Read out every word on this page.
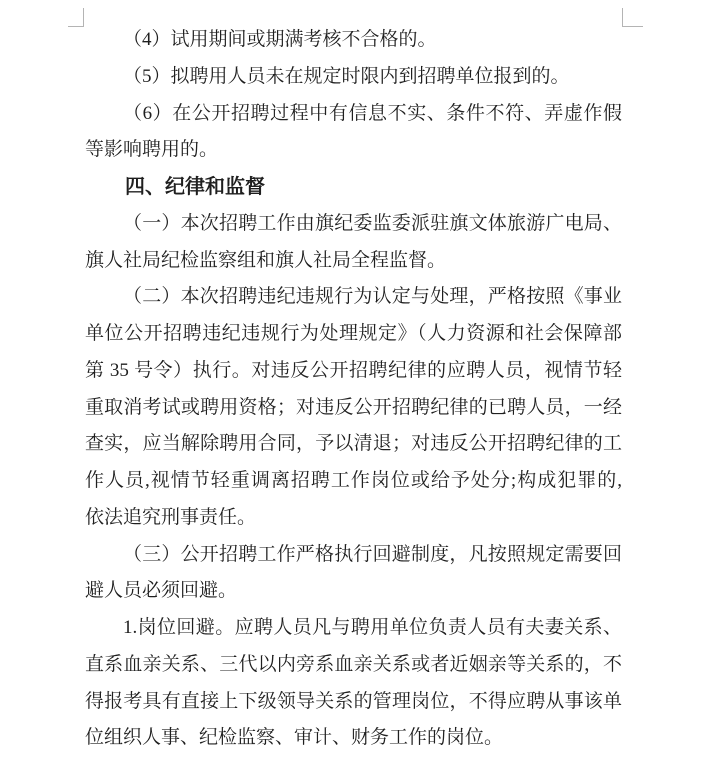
（4）试用期间或期满考核不合格的。
（5）拟聘用人员未在规定时限内到招聘单位报到的。
（6）在公开招聘过程中有信息不实、条件不符、弄虚作假
等影响聘用的。
四、纪律和监督
（一）本次招聘工作由旗纪委监委派驻旗文体旅游广电局、
旗人社局纪检监察组和旗人社局全程监督。
（二）本次招聘违纪违规行为认定与处理，严格按照《事业
单位公开招聘违纪违规行为处理规定》（人力资源和社会保障部
第 35 号令）执行。对违反公开招聘纪律的应聘人员，视情节轻
重取消考试或聘用资格；对违反公开招聘纪律的已聘人员，一经
查实，应当解除聘用合同，予以清退；对违反公开招聘纪律的工
作人员,视情节轻重调离招聘工作岗位或给予处分;构成犯罪的,
依法追究刑事责任。
（三）公开招聘工作严格执行回避制度，凡按照规定需要回
避人员必须回避。
1.岗位回避。应聘人员凡与聘用单位负责人员有夫妻关系、
直系血亲关系、三代以内旁系血亲关系或者近姻亲等关系的，不
得报考具有直接上下级领导关系的管理岗位，不得应聘从事该单
位组织人事、纪检监察、审计、财务工作的岗位。
